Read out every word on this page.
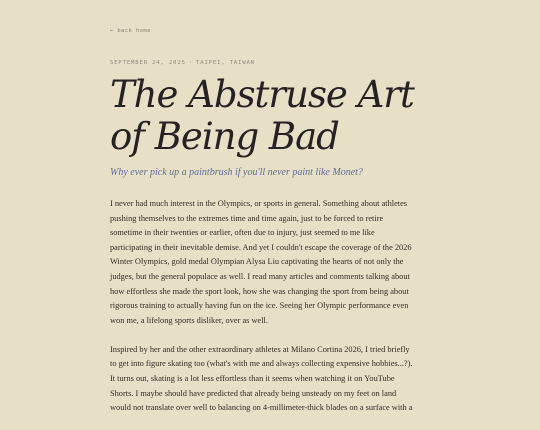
← back home
SEPTEMBER 24, 2025 · TAIPEI, TAIWAN
The Abstruse Art
of Being Bad

Why ever pick up a paintbrush if you'll never paint like Monet?

I never had much interest in the Olympics, or sports in general. Something about athletes
pushing themselves to the extremes time and time again, just to be forced to retire
sometime in their twenties or earlier, often due to injury, just seemed to me like
participating in their inevitable demise. And yet I couldn't escape the coverage of the 2026
Winter Olympics, gold medal Olympian Alysa Liu captivating the hearts of not only the
judges, but the general populace as well. I read many articles and comments talking about
how effortless she made the sport look, how she was changing the sport from being about
rigorous training to actually having fun on the ice. Seeing her Olympic performance even
won me, a lifelong sports disliker, over as well.

Inspired by her and the other extraordinary athletes at Milano Cortina 2026, I tried briefly
to get into figure skating too (what's with me and always collecting expensive hobbies...?).
It turns out, skating is a lot less effortless than it seems when watching it on YouTube
Shorts. I maybe should have predicted that already being unsteady on my feet on land
would not translate over well to balancing on 4-millimeter-thick blades on a surface with a
